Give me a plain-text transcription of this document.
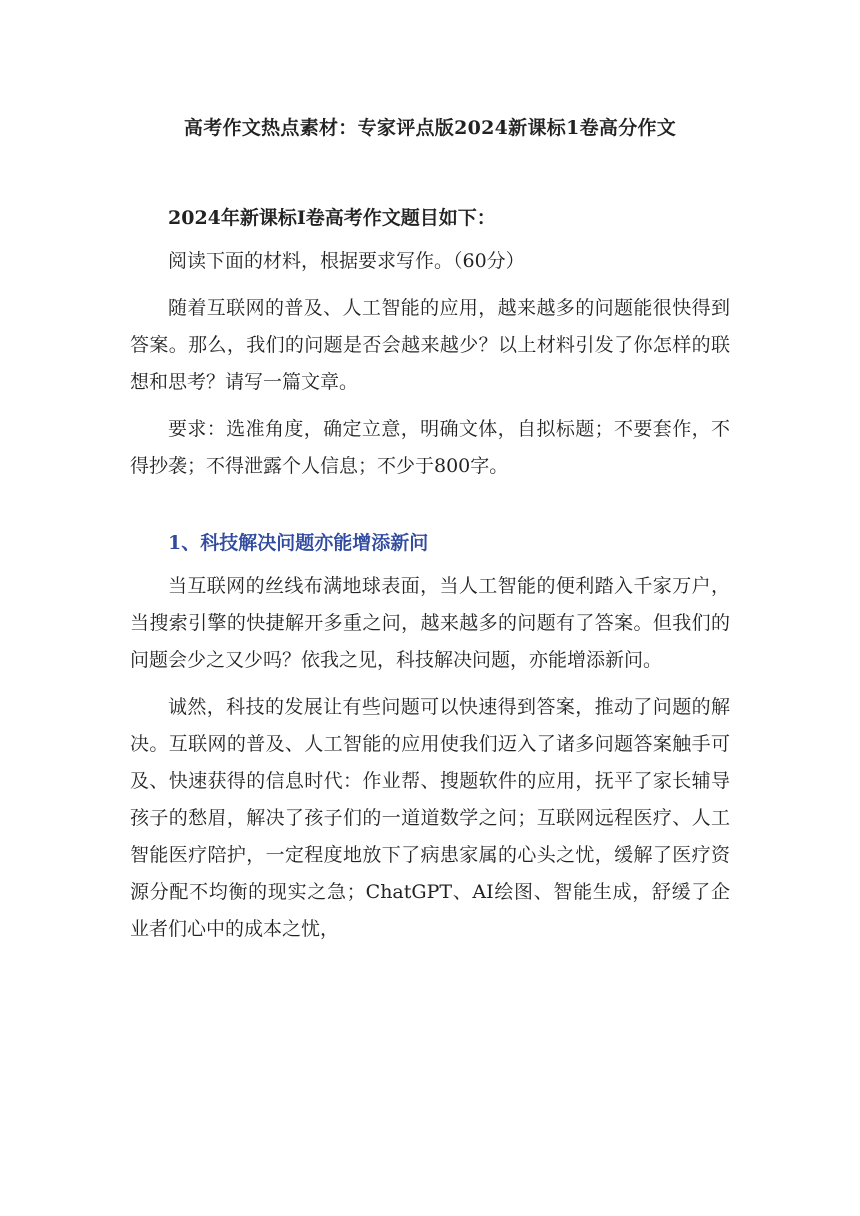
高考作文热点素材：专家评点版2024新课标1卷高分作文

2024年新课标Ⅰ卷高考作文题目如下：

阅读下面的材料，根据要求写作。（60分）

随着互联网的普及、人工智能的应用，越来越多的问题能很快得到答案。那么，我们的问题是否会越来越少？以上材料引发了你怎样的联想和思考？请写一篇文章。

要求：选准角度，确定立意，明确文体，自拟标题；不要套作，不得抄袭；不得泄露个人信息；不少于800字。

1、科技解决问题亦能增添新问

当互联网的丝线布满地球表面，当人工智能的便利踏入千家万户，当搜索引擎的快捷解开多重之问，越来越多的问题有了答案。但我们的问题会少之又少吗？依我之见，科技解决问题，亦能增添新问。

诚然，科技的发展让有些问题可以快速得到答案，推动了问题的解决。互联网的普及、人工智能的应用使我们迈入了诸多问题答案触手可及、快速获得的信息时代：作业帮、搜题软件的应用，抚平了家长辅导孩子的愁眉，解决了孩子们的一道道数学之问；互联网远程医疗、人工智能医疗陪护，一定程度地放下了病患家属的心头之忧，缓解了医疗资源分配不均衡的现实之急；ChatGPT、AI绘图、智能生成，舒缓了企业者们心中的成本之忧，
